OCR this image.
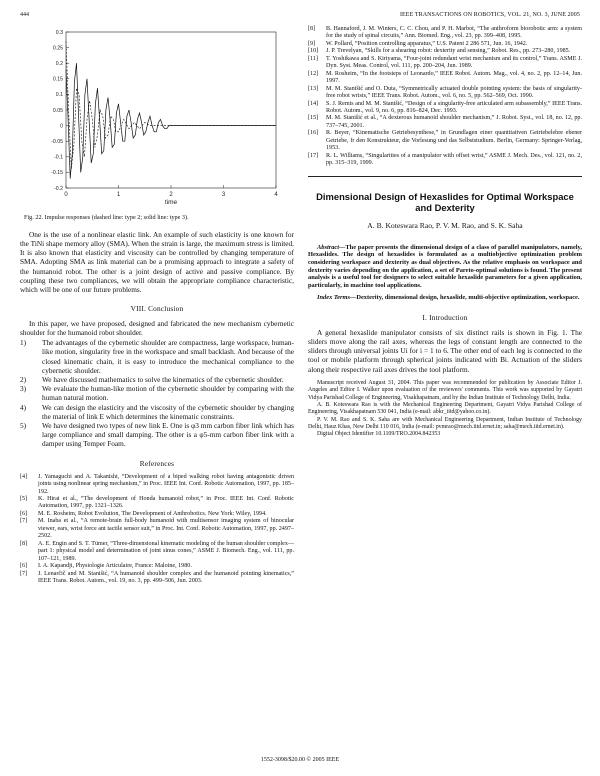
444	IEEE TRANSACTIONS ON ROBOTICS, VOL. 21, NO. 3, JUNE 2005
0.3
0.25
0.2
0.15
0.1
0.05
0
-0.05
-0.1
-0.15
-0.2
0	1	2	3	4
time
Fig. 22. Impulse responses (dashed line: type 2; solid line: type 3).

One is the use of a nonlinear elastic link. An example of such elasticity is one known for the TiNi shape memory alloy (SMA). When the strain is large, the maximum stress is limited. It is also known that elasticity and viscosity can be controlled by changing temperature of SMA. Adopting SMA as link material can be a promising approach to integrate a safety of the humanoid robot. The other is a joint design of active and passive compliance. By coupling these two compliances, we will obtain the appropriate compliance characteristic, which will be one of our future problems.

VIII. Conclusion

In this paper, we have proposed, designed and fabricated the new mechanism cybernetic shoulder for the humanoid robot shoulder.

1)	The advantages of the cybernetic shoulder are compactness, large workspace, human-like motion, singularity free in the workspace and small backlash. And because of the closed kinematic chain, it is easy to introduce the mechanical compliance to the cybernetic shoulder.
2)	We have discussed mathematics to solve the kinematics of the cybernetic shoulder.
3)	We evaluate the human-like motion of the cybernetic shoulder by comparing with the human natural motion.
4)	We can design the elasticity and the viscosity of the cybernetic shoulder by changing the material of link E which determines the kinematic constraints.
5)	We have designed two types of new link E. One is φ3 mm carbon fiber link which has large compliance and small damping. The other is a φ5-mm carbon fiber link with a damper using Temper Foam.
References
[4]	J. Yamaguchi and A. Takanishi, “Development of a biped walking robot having antagonistic driven joints using nonlinear spring mechanism,” in Proc. IEEE Int. Conf. Robotic Automation, 1997, pp. 185–192.
[5]	K. Hirai et al., “The development of Honda humanoid robot,” in Proc. IEEE Int. Conf. Robotic Automation, 1997, pp. 1321–1326.
[6]	M. E. Rosheim, Robot Evolution, The Development of Anthrobotics. New York: Wiley, 1994.
[7]	M. Inaba et al., “A remote-brain full-body humanoid with multisensor imaging system of binocular viewer, ears, wrist force ant tactile sensor suit,” in Proc. Int. Conf. Robotic Automation, 1997, pp. 2497–2502.
[8]	A. E. Engin and S. T. Tümer, “Three-dimensional kinematic modeling of the human shoulder complex—part 1: physical model and determination of joint sinus cones,” ASME J. Biomech. Eng., vol. 111, pp. 107–121, 1989.
[6]	I. A. Kapandji, Physiologie Articulaire, France: Maloine, 1980.
[7]	J. Lenarčič and M. Stanišić, “A humanoid shoulder complex and the humanoid pointing kinematics,” IEEE Trans. Robot. Autom., vol. 19, no. 3, pp. 499–506, Jun. 2003.
[8]	B. Hannaford, J. M. Winters, C. C. Chou, and P. H. Marbot, “The anthroform biorobotic arm: a system for the study of spinal circuits,” Ann. Biomed. Eng., vol. 23, pp. 399–408, 1995.
[9]	W. Pollard, “Position controlling apparatus,” U.S. Patent 2 286 571, Jun. 16, 1942.
[10]	J. P. Trevelyan, “Skills for a shearing robot: dexterity and sensing,” Robot. Res., pp. 273–280, 1985.
[11]	T. Yoshikawa and S. Kiriyama, “Four-joint redundant wrist mechanism and its control,” Trans. ASME J. Dyn. Syst. Meas. Control, vol. 111, pp. 200–204, Jun. 1989.
[12]	M. Rosheim, “In the footsteps of Leonardo,” IEEE Robot. Autom. Mag., vol. 4, no. 2, pp. 12–14, Jun. 1997.
[13]	M. M. Stanišić and O. Duta, “Symmetrically actuated double pointing system: the basis of singularity-free robot wrists,” IEEE Trans. Robot. Autom., vol. 6, no. 5, pp. 562–569, Oct. 1990.
[14]	S. J. Remis and M. M. Stanišić, “Design of a singularity-free articulated arm subassembly,” IEEE Trans. Robot. Autom., vol. 9, no. 6, pp. 816–824, Dec. 1993.
[15]	M. M. Stanišić et al., “A dexterous humanoid shoulder mechanism,” J. Robot. Syst., vol. 18, no. 12, pp. 737–745, 2001.
[16]	R. Beyer, “Kinematische Getriebesynthese,” in Grundlagen einer quantitativen Getriebelehre ebener Getriebe, fr den Konstrukteur, die Vorlesung und das Selbststudium. Berlin, Germany: Springer-Verlag, 1953.
[17]	R. L. Williams, “Singularities of a manipulator with offset wrist,” ASME J. Mech. Des., vol. 121, no. 2, pp. 315–319, 1999.
Dimensional Design of Hexaslides for Optimal Workspace and Dexterity
A. B. Koteswara Rao, P. V. M. Rao, and S. K. Saha

Abstract—The paper presents the dimensional design of a class of parallel manipulators, namely, Hexaslides. The design of hexaslides is formulated as a multiobjective optimization problem considering workspace and dexterity as dual objectives. As the relative emphasis on workspace and dexterity varies depending on the application, a set of Pareto-optimal solutions is found. The present analysis is a useful tool for designers to select suitable hexaslide parameters for a given application, particularly, in machine tool applications.

Index Terms—Dexterity, dimensional design, hexaslide, multi-objective optimization, workspace.

I. Introduction

A general hexaslide manipulator consists of six distinct rails is shown in Fig. 1. The sliders move along the rail axes, whereas the legs of constant length are connected to the sliders through universal joints Ui for i = 1 to 6. The other end of each leg is connected to the tool or mobile platform through spherical joints indicated with Bi. Actuation of the sliders along their respective rail axes drives the tool platform.

Manuscript received August 31, 2004. This paper was recommended for publication by Associate Editor J. Angeles and Editor I. Walker upon evaluation of the reviewers' comments. This work was supported by Gayatri Vidya Parishad College of Engineering, Visakhapatnam, and by the Indian Institute of Technology Delhi, India.

A. B. Koteswara Rao is with the Mechanical Engineering Department, Gayatri Vidya Parishad College of Engineering, Visakhapatnam 530 041, India (e-mail: abkr_iitd@yahoo.co.in).

P. V. M. Rao and S. K. Saha are with Mechanical Engineering Department, Indian Institute of Technology Delhi, Hauz Khas, New Delhi 110 016, India (e-mail: pvmrao@mech.iitd.ernet.in; saha@mech.iitd.ernet.in).

Digital Object Identifier 10.1109/TRO.2004.842353

1552-3098/$20.00 © 2005 IEEE
